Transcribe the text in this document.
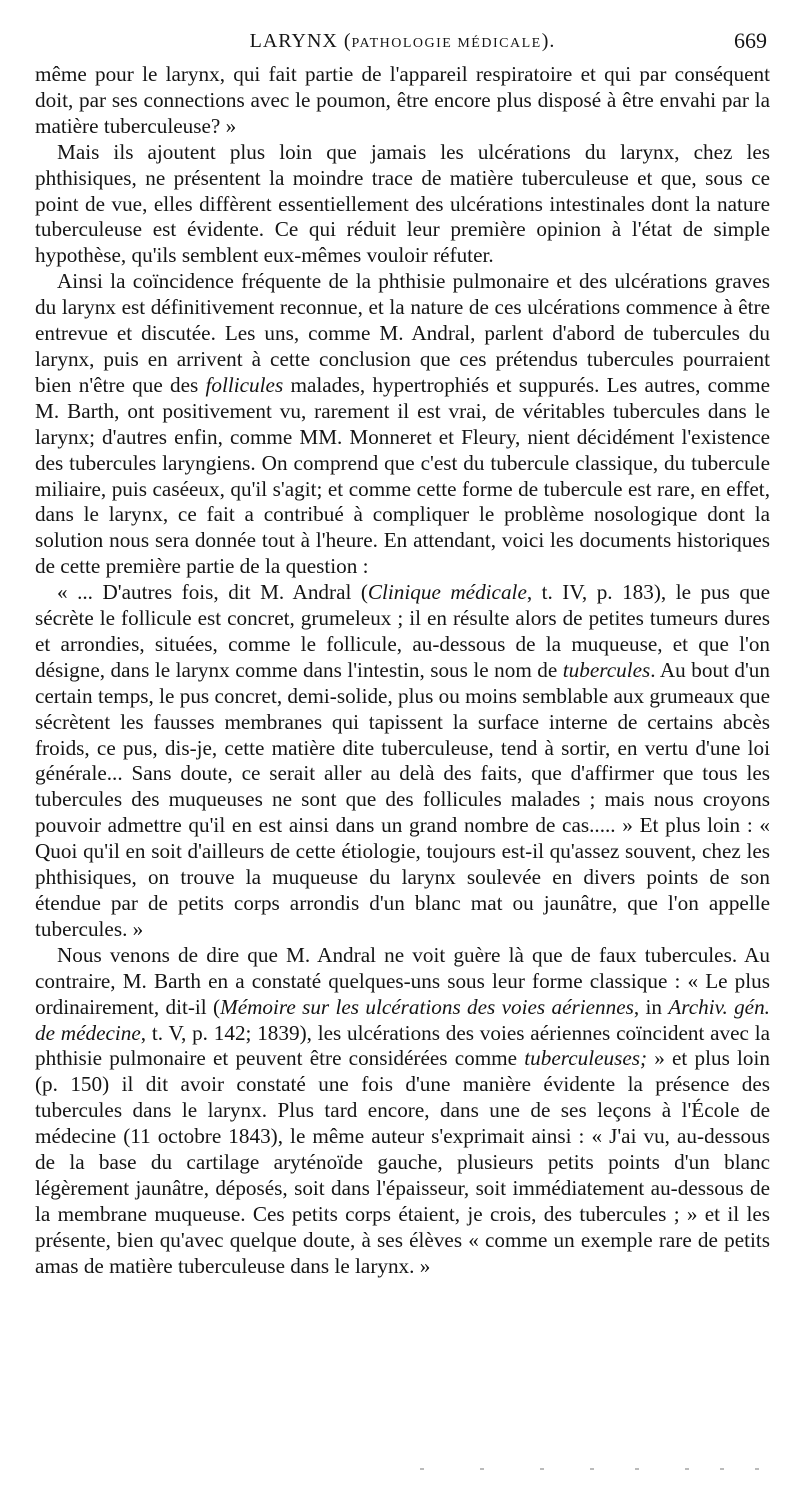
LARYNX (PATHOLOGIE MÉDICALE).	669

même pour le larynx, qui fait partie de l'appareil respiratoire et qui par conséquent doit, par ses connections avec le poumon, être encore plus disposé à être envahi par la matière tuberculeuse? »

Mais ils ajoutent plus loin que jamais les ulcérations du larynx, chez les phthisiques, ne présentent la moindre trace de matière tuberculeuse et que, sous ce point de vue, elles diffèrent essentiellement des ulcérations intestinales dont la nature tuberculeuse est évidente. Ce qui réduit leur première opinion à l'état de simple hypothèse, qu'ils semblent eux-mêmes vouloir réfuter.

Ainsi la coïncidence fréquente de la phthisie pulmonaire et des ulcérations graves du larynx est définitivement reconnue, et la nature de ces ulcérations commence à être entrevue et discutée. Les uns, comme M. Andral, parlent d'abord de tubercules du larynx, puis en arrivent à cette conclusion que ces prétendus tubercules pourraient bien n'être que des follicules malades, hypertrophiés et suppurés. Les autres, comme M. Barth, ont positivement vu, rarement il est vrai, de véritables tubercules dans le larynx; d'autres enfin, comme MM. Monneret et Fleury, nient décidément l'existence des tubercules laryngiens. On comprend que c'est du tubercule classique, du tubercule miliaire, puis caséeux, qu'il s'agit; et comme cette forme de tubercule est rare, en effet, dans le larynx, ce fait a contribué à compliquer le problème nosologique dont la solution nous sera donnée tout à l'heure. En attendant, voici les documents historiques de cette première partie de la question :

« ... D'autres fois, dit M. Andral (Clinique médicale, t. IV, p. 183), le pus que sécrète le follicule est concret, grumeleux ; il en résulte alors de petites tumeurs dures et arrondies, situées, comme le follicule, au-dessous de la muqueuse, et que l'on désigne, dans le larynx comme dans l'intestin, sous le nom de tubercules. Au bout d'un certain temps, le pus concret, demi-solide, plus ou moins semblable aux grumeaux que sécrètent les fausses membranes qui tapissent la surface interne de certains abcès froids, ce pus, dis-je, cette matière dite tuberculeuse, tend à sortir, en vertu d'une loi générale... Sans doute, ce serait aller au delà des faits, que d'affirmer que tous les tubercules des muqueuses ne sont que des follicules malades ; mais nous croyons pouvoir admettre qu'il en est ainsi dans un grand nombre de cas..... » Et plus loin : « Quoi qu'il en soit d'ailleurs de cette étiologie, toujours est-il qu'assez souvent, chez les phthisiques, on trouve la muqueuse du larynx soulevée en divers points de son étendue par de petits corps arrondis d'un blanc mat ou jaunâtre, que l'on appelle tubercules. »

Nous venons de dire que M. Andral ne voit guère là que de faux tubercules. Au contraire, M. Barth en a constaté quelques-uns sous leur forme classique : « Le plus ordinairement, dit-il (Mémoire sur les ulcérations des voies aériennes, in Archiv. gén. de médecine, t. V, p. 142; 1839), les ulcérations des voies aériennes coïncident avec la phthisie pulmonaire et peuvent être considérées comme tuberculeuses; » et plus loin (p. 150) il dit avoir constaté une fois d'une manière évidente la présence des tubercules dans le larynx. Plus tard encore, dans une de ses leçons à l'École de médecine (11 octobre 1843), le même auteur s'exprimait ainsi : « J'ai vu, au-dessous de la base du cartilage aryténoïde gauche, plusieurs petits points d'un blanc légèrement jaunâtre, déposés, soit dans l'épaisseur, soit immédiatement au-dessous de la membrane muqueuse. Ces petits corps étaient, je crois, des tubercules ; » et il les présente, bien qu'avec quelque doute, à ses élèves « comme un exemple rare de petits amas de matière tuberculeuse dans le larynx. »
